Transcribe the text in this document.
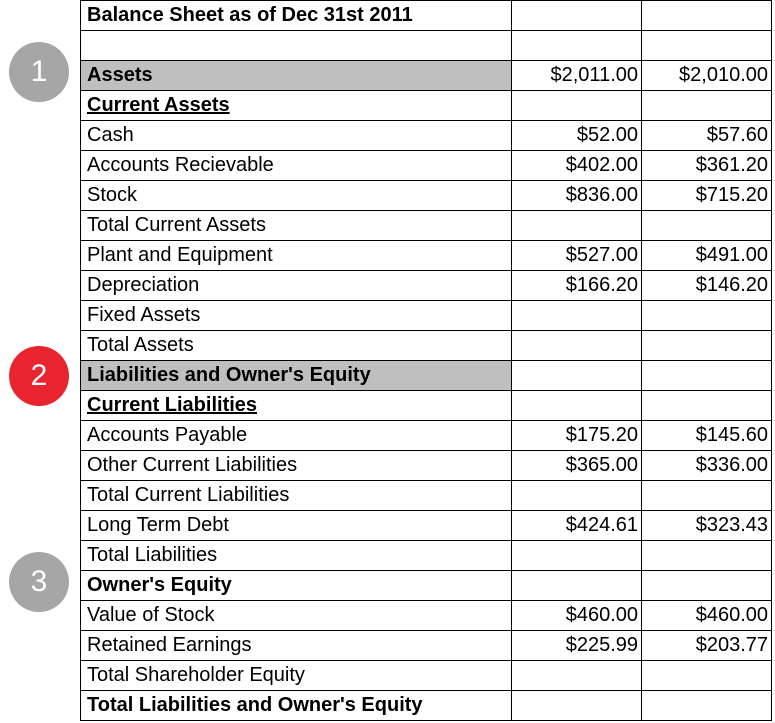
1
2
3
Balance Sheet as of Dec 31st 2011		

Assets	$2,011.00	$2,010.00
Current Assets		
Cash	$52.00	$57.60
Accounts Recievable	$402.00	$361.20
Stock	$836.00	$715.20
Total Current Assets		
Plant and Equipment	$527.00	$491.00
Depreciation	$166.20	$146.20
Fixed Assets		
Total Assets		
Liabilities and Owner's Equity		
Current Liabilities		
Accounts Payable	$175.20	$145.60
Other Current Liabilities	$365.00	$336.00
Total Current Liabilities		
Long Term Debt	$424.61	$323.43
Total Liabilities		
Owner's Equity		
Value of Stock	$460.00	$460.00
Retained Earnings	$225.99	$203.77
Total Shareholder Equity		
Total Liabilities and Owner's Equity		
